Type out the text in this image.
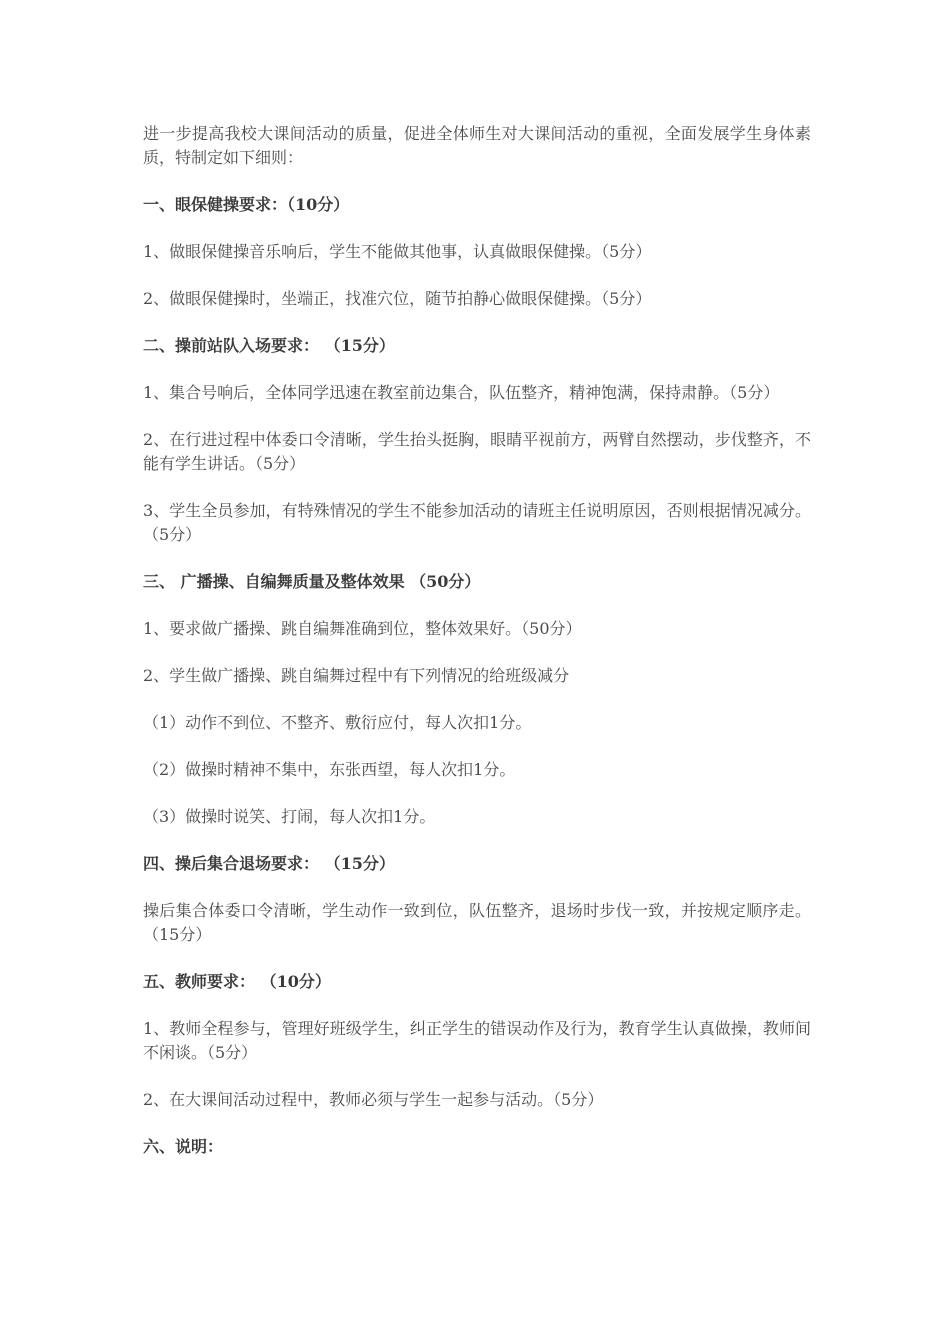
进一步提高我校大课间活动的质量，促进全体师生对大课间活动的重视，全面发展学生身体素质，特制定如下细则：

一、眼保健操要求：（10分）

1、做眼保健操音乐响后，学生不能做其他事，认真做眼保健操。（5分）

2、做眼保健操时，坐端正，找准穴位，随节拍静心做眼保健操。（5分）

二、操前站队入场要求： （15分）

1、集合号响后，全体同学迅速在教室前边集合，队伍整齐，精神饱满，保持肃静。（5分）

2、在行进过程中体委口令清晰，学生抬头挺胸，眼睛平视前方，两臂自然摆动，步伐整齐，不能有学生讲话。（5分）

3、学生全员参加，有特殊情况的学生不能参加活动的请班主任说明原因，否则根据情况减分。（5分）

三、 广播操、自编舞质量及整体效果 （50分）

1、要求做广播操、跳自编舞准确到位，整体效果好。（50分）

2、学生做广播操、跳自编舞过程中有下列情况的给班级减分

（1）动作不到位、不整齐、敷衍应付，每人次扣1分。

（2）做操时精神不集中，东张西望，每人次扣1分。

（3）做操时说笑、打闹，每人次扣1分。

四、操后集合退场要求： （15分）

操后集合体委口令清晰，学生动作一致到位，队伍整齐，退场时步伐一致，并按规定顺序走。（15分）

五、教师要求： （10分）

1、教师全程参与，管理好班级学生，纠正学生的错误动作及行为，教育学生认真做操，教师间不闲谈。（5分）

2、在大课间活动过程中，教师必须与学生一起参与活动。（5分）

六、说明：
